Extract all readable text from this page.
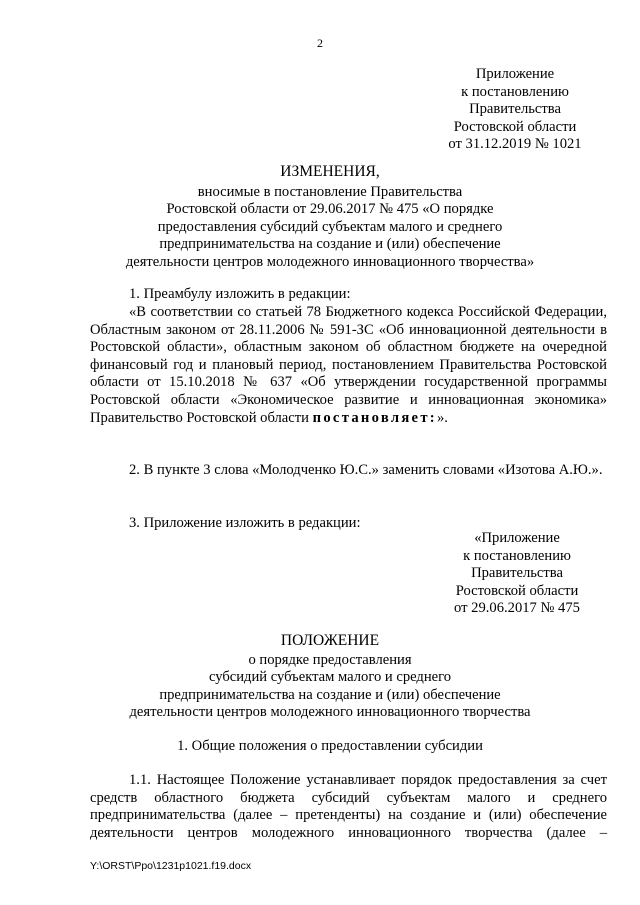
2
Приложение
к постановлению
Правительства
Ростовской области
от 31.12.2019 № 1021
ИЗМЕНЕНИЯ,
вносимые в постановление Правительства
Ростовской области от 29.06.2017 № 475 «О порядке
предоставления субсидий субъектам малого и среднего
предпринимательства на создание и (или) обеспечение
деятельности центров молодежного инновационного творчества»
1. Преамбулу изложить в редакции:
«В соответствии со статьей 78 Бюджетного кодекса Российской Федерации, Областным законом от 28.11.2006 № 591-ЗС «Об инновационной деятельности в Ростовской области», областным законом об областном бюджете на очередной финансовый год и плановый период, постановлением Правительства Ростовской области от 15.10.2018 № 637 «Об утверждении государственной программы Ростовской области «Экономическое развитие и инновационная экономика» Правительство Ростовской области постановляет:».
2. В пункте 3 слова «Молодченко Ю.С.» заменить словами «Изотова А.Ю.».
3. Приложение изложить в редакции:
«Приложение
к постановлению
Правительства
Ростовской области
от 29.06.2017 № 475
ПОЛОЖЕНИЕ
о порядке предоставления
субсидий субъектам малого и среднего
предпринимательства на создание и (или) обеспечение
деятельности центров молодежного инновационного творчества
1. Общие положения о предоставлении субсидии
1.1. Настоящее Положение устанавливает порядок предоставления за счет средств областного бюджета субсидий субъектам малого и среднего предпринимательства (далее – претенденты) на создание и (или) обеспечение деятельности центров молодежного инновационного творчества (далее –
Y:\ORST\Ppo\1231p1021.f19.docx
